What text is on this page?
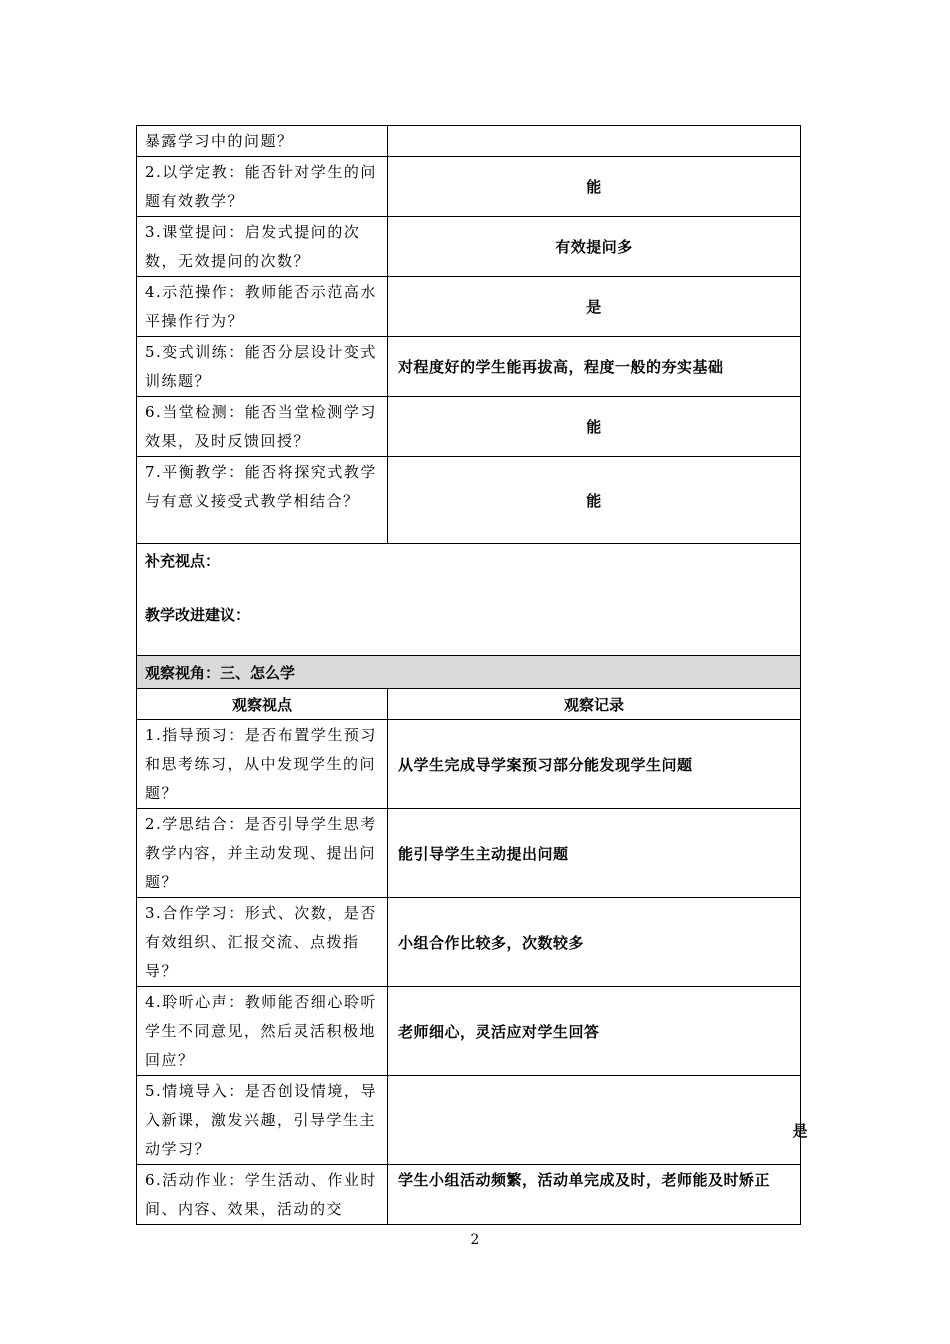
暴露学习中的问题？	
2.以学定教：能否针对学生的问题有效教学？	能
3.课堂提问：启发式提问的次数，无效提问的次数？	有效提问多
4.示范操作：教师能否示范高水平操作行为？	是
5.变式训练：能否分层设计变式训练题？	对程度好的学生能再拔高，程度一般的夯实基础
6.当堂检测：能否当堂检测学习效果，及时反馈回授？	能
7.平衡教学：能否将探究式教学与有意义接受式教学相结合？	能

补充视点：
教学改进建议：	

观察视角：三、怎么学	
观察视点	观察记录
1.指导预习：是否布置学生预习和思考练习，从中发现学生的问题？	从学生完成导学案预习部分能发现学生问题
2.学思结合：是否引导学生思考教学内容，并主动发现、提出问题？	能引导学生主动提出问题
3.合作学习：形式、次数，是否有效组织、汇报交流、点拨指导？	小组合作比较多，次数较多
4.聆听心声：教师能否细心聆听学生不同意见，然后灵活积极地回应？	老师细心，灵活应对学生回答
5.情境导入：是否创设情境，导入新课，激发兴趣，引导学生主动学习？	是
6.活动作业：学生活动、作业时间、内容、效果，活动的交	学生小组活动频繁，活动单完成及时，老师能及时矫正
2
